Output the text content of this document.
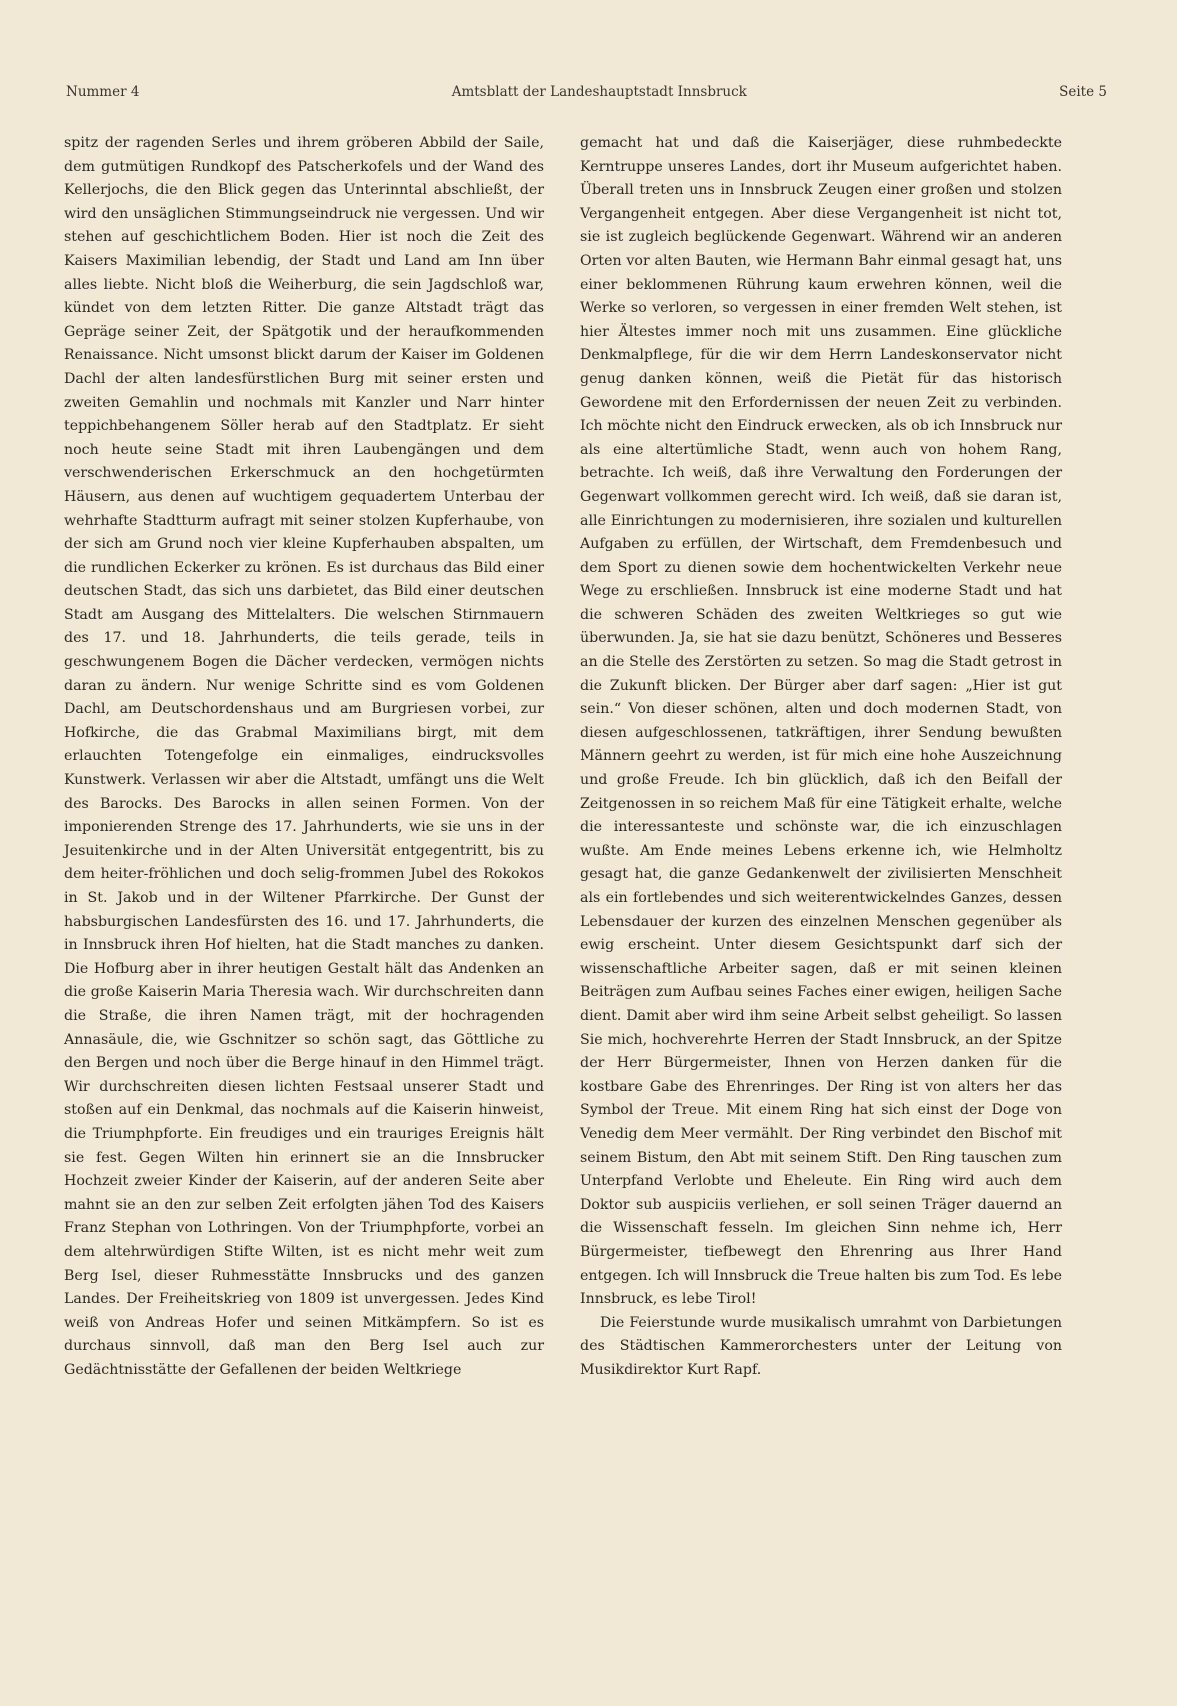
Nummer 4	Amtsblatt der Landeshauptstadt Innsbruck	Seite 5

spitz der ragenden Serles und ihrem gröberen Abbild der Saile, dem gutmütigen Rundkopf des Patscherkofels und der Wand des Kellerjochs, die den Blick gegen das Unterinntal abschließt, der wird den unsäglichen Stimmungseindruck nie vergessen. Und wir stehen auf geschichtlichem Boden. Hier ist noch die Zeit des Kaisers Maximilian lebendig, der Stadt und Land am Inn über alles liebte. Nicht bloß die Weiherburg, die sein Jagdschloß war, kündet von dem letzten Ritter. Die ganze Altstadt trägt das Gepräge seiner Zeit, der Spätgotik und der heraufkommenden Renaissance. Nicht umsonst blickt darum der Kaiser im Goldenen Dachl der alten landesfürstlichen Burg mit seiner ersten und zweiten Gemahlin und nochmals mit Kanzler und Narr hinter teppichbehangenem Söller herab auf den Stadtplatz. Er sieht noch heute seine Stadt mit ihren Laubengängen und dem verschwenderischen Erkerschmuck an den hochgetürmten Häusern, aus denen auf wuchtigem gequadertem Unterbau der wehrhafte Stadtturm aufragt mit seiner stolzen Kupferhaube, von der sich am Grund noch vier kleine Kupferhauben abspalten, um die rundlichen Eckerker zu krönen. Es ist durchaus das Bild einer deutschen Stadt, das sich uns darbietet, das Bild einer deutschen Stadt am Ausgang des Mittelalters. Die welschen Stirnmauern des 17. und 18. Jahrhunderts, die teils gerade, teils in geschwungenem Bogen die Dächer verdecken, vermögen nichts daran zu ändern. Nur wenige Schritte sind es vom Goldenen Dachl, am Deutschordenshaus und am Burgriesen vorbei, zur Hofkirche, die das Grabmal Maximilians birgt, mit dem erlauchten Totengefolge ein einmaliges, eindrucksvolles Kunstwerk. Verlassen wir aber die Altstadt, umfängt uns die Welt des Barocks. Des Barocks in allen seinen Formen. Von der imponierenden Strenge des 17. Jahrhunderts, wie sie uns in der Jesuitenkirche und in der Alten Universität entgegentritt, bis zu dem heiter-fröhlichen und doch selig-frommen Jubel des Rokokos in St. Jakob und in der Wiltener Pfarrkirche. Der Gunst der habsburgischen Landesfürsten des 16. und 17. Jahrhunderts, die in Innsbruck ihren Hof hielten, hat die Stadt manches zu danken. Die Hofburg aber in ihrer heutigen Gestalt hält das Andenken an die große Kaiserin Maria Theresia wach. Wir durchschreiten dann die Straße, die ihren Namen trägt, mit der hochragenden Annasäule, die, wie Gschnitzer so schön sagt, das Göttliche zu den Bergen und noch über die Berge hinauf in den Himmel trägt. Wir durchschreiten diesen lichten Festsaal unserer Stadt und stoßen auf ein Denkmal, das nochmals auf die Kaiserin hinweist, die Triumphpforte. Ein freudiges und ein trauriges Ereignis hält sie fest. Gegen Wilten hin erinnert sie an die Innsbrucker Hochzeit zweier Kinder der Kaiserin, auf der anderen Seite aber mahnt sie an den zur selben Zeit erfolgten jähen Tod des Kaisers Franz Stephan von Lothringen. Von der Triumphpforte, vorbei an dem altehrwürdigen Stifte Wilten, ist es nicht mehr weit zum Berg Isel, dieser Ruhmesstätte Innsbrucks und des ganzen Landes. Der Freiheitskrieg von 1809 ist unvergessen. Jedes Kind weiß von Andreas Hofer und seinen Mitkämpfern. So ist es durchaus sinnvoll, daß man den Berg Isel auch zur Gedächtnisstätte der Gefallenen der beiden Weltkriege

gemacht hat und daß die Kaiserjäger, diese ruhmbedeckte Kerntruppe unseres Landes, dort ihr Museum aufgerichtet haben. Überall treten uns in Innsbruck Zeugen einer großen und stolzen Vergangenheit entgegen. Aber diese Vergangenheit ist nicht tot, sie ist zugleich beglückende Gegenwart. Während wir an anderen Orten vor alten Bauten, wie Hermann Bahr einmal gesagt hat, uns einer beklommenen Rührung kaum erwehren können, weil die Werke so verloren, so vergessen in einer fremden Welt stehen, ist hier Ältestes immer noch mit uns zusammen. Eine glückliche Denkmalpflege, für die wir dem Herrn Landeskonservator nicht genug danken können, weiß die Pietät für das historisch Gewordene mit den Erfordernissen der neuen Zeit zu verbinden. Ich möchte nicht den Eindruck erwecken, als ob ich Innsbruck nur als eine altertümliche Stadt, wenn auch von hohem Rang, betrachte. Ich weiß, daß ihre Verwaltung den Forderungen der Gegenwart vollkommen gerecht wird. Ich weiß, daß sie daran ist, alle Einrichtungen zu modernisieren, ihre sozialen und kulturellen Aufgaben zu erfüllen, der Wirtschaft, dem Fremdenbesuch und dem Sport zu dienen sowie dem hochentwickelten Verkehr neue Wege zu erschließen. Innsbruck ist eine moderne Stadt und hat die schweren Schäden des zweiten Weltkrieges so gut wie überwunden. Ja, sie hat sie dazu benützt, Schöneres und Besseres an die Stelle des Zerstörten zu setzen. So mag die Stadt getrost in die Zukunft blicken. Der Bürger aber darf sagen: „Hier ist gut sein.“ Von dieser schönen, alten und doch modernen Stadt, von diesen aufgeschlossenen, tatkräftigen, ihrer Sendung bewußten Männern geehrt zu werden, ist für mich eine hohe Auszeichnung und große Freude. Ich bin glücklich, daß ich den Beifall der Zeitgenossen in so reichem Maß für eine Tätigkeit erhalte, welche die interessanteste und schönste war, die ich einzuschlagen wußte. Am Ende meines Lebens erkenne ich, wie Helmholtz gesagt hat, die ganze Gedankenwelt der zivilisierten Menschheit als ein fortlebendes und sich weiterentwickelndes Ganzes, dessen Lebensdauer der kurzen des einzelnen Menschen gegenüber als ewig erscheint. Unter diesem Gesichtspunkt darf sich der wissenschaftliche Arbeiter sagen, daß er mit seinen kleinen Beiträgen zum Aufbau seines Faches einer ewigen, heiligen Sache dient. Damit aber wird ihm seine Arbeit selbst geheiligt. So lassen Sie mich, hochverehrte Herren der Stadt Innsbruck, an der Spitze der Herr Bürgermeister, Ihnen von Herzen danken für die kostbare Gabe des Ehrenringes. Der Ring ist von alters her das Symbol der Treue. Mit einem Ring hat sich einst der Doge von Venedig dem Meer vermählt. Der Ring verbindet den Bischof mit seinem Bistum, den Abt mit seinem Stift. Den Ring tauschen zum Unterpfand Verlobte und Eheleute. Ein Ring wird auch dem Doktor sub auspiciis verliehen, er soll seinen Träger dauernd an die Wissenschaft fesseln. Im gleichen Sinn nehme ich, Herr Bürgermeister, tiefbewegt den Ehrenring aus Ihrer Hand entgegen. Ich will Innsbruck die Treue halten bis zum Tod. Es lebe Innsbruck, es lebe Tirol!

Die Feierstunde wurde musikalisch umrahmt von Darbietungen des Städtischen Kammerorchesters unter der Leitung von Musikdirektor Kurt Rapf.
